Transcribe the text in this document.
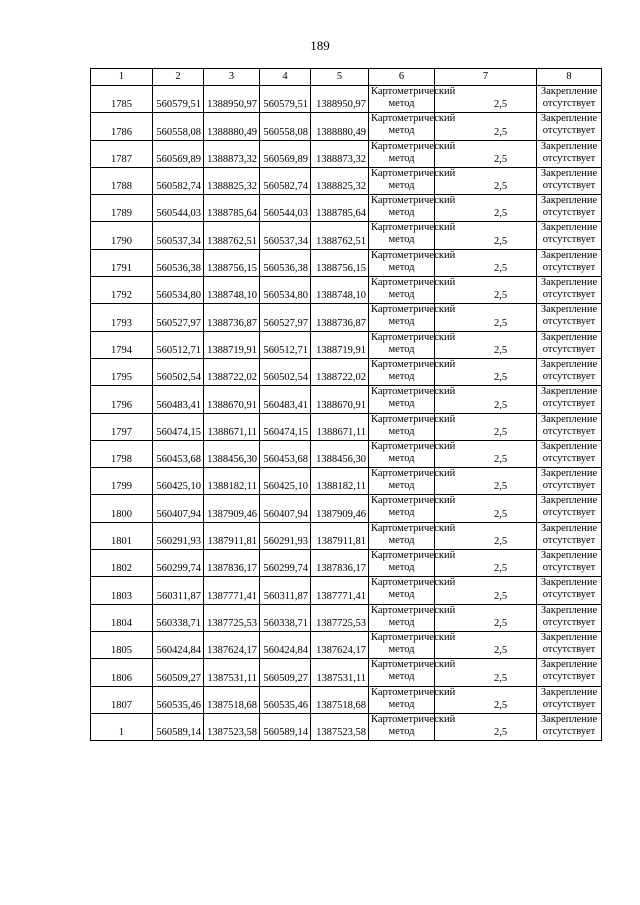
189
1	2	3	4	5	6	7	8
1785	560579,51	1388950,97	560579,51	1388950,97	Картометрический
метод	2,5	Закрепление
отсутствует

1786	560558,08	1388880,49	560558,08	1388880,49	Картометрический
метод	2,5	Закрепление
отсутствует

1787	560569,89	1388873,32	560569,89	1388873,32	Картометрический
метод	2,5	Закрепление
отсутствует

1788	560582,74	1388825,32	560582,74	1388825,32	Картометрический
метод	2,5	Закрепление
отсутствует

1789	560544,03	1388785,64	560544,03	1388785,64	Картометрический
метод	2,5	Закрепление
отсутствует

1790	560537,34	1388762,51	560537,34	1388762,51	Картометрический
метод	2,5	Закрепление
отсутствует

1791	560536,38	1388756,15	560536,38	1388756,15	Картометрический
метод	2,5	Закрепление
отсутствует

1792	560534,80	1388748,10	560534,80	1388748,10	Картометрический
метод	2,5	Закрепление
отсутствует

1793	560527,97	1388736,87	560527,97	1388736,87	Картометрический
метод	2,5	Закрепление
отсутствует

1794	560512,71	1388719,91	560512,71	1388719,91	Картометрический
метод	2,5	Закрепление
отсутствует

1795	560502,54	1388722,02	560502,54	1388722,02	Картометрический
метод	2,5	Закрепление
отсутствует

1796	560483,41	1388670,91	560483,41	1388670,91	Картометрический
метод	2,5	Закрепление
отсутствует

1797	560474,15	1388671,11	560474,15	1388671,11	Картометрический
метод	2,5	Закрепление
отсутствует

1798	560453,68	1388456,30	560453,68	1388456,30	Картометрический
метод	2,5	Закрепление
отсутствует

1799	560425,10	1388182,11	560425,10	1388182,11	Картометрический
метод	2,5	Закрепление
отсутствует

1800	560407,94	1387909,46	560407,94	1387909,46	Картометрический
метод	2,5	Закрепление
отсутствует

1801	560291,93	1387911,81	560291,93	1387911,81	Картометрический
метод	2,5	Закрепление
отсутствует

1802	560299,74	1387836,17	560299,74	1387836,17	Картометрический
метод	2,5	Закрепление
отсутствует

1803	560311,87	1387771,41	560311,87	1387771,41	Картометрический
метод	2,5	Закрепление
отсутствует

1804	560338,71	1387725,53	560338,71	1387725,53	Картометрический
метод	2,5	Закрепление
отсутствует

1805	560424,84	1387624,17	560424,84	1387624,17	Картометрический
метод	2,5	Закрепление
отсутствует

1806	560509,27	1387531,11	560509,27	1387531,11	Картометрический
метод	2,5	Закрепление
отсутствует

1807	560535,46	1387518,68	560535,46	1387518,68	Картометрический
метод	2,5	Закрепление
отсутствует

1	560589,14	1387523,58	560589,14	1387523,58	Картометрический
метод	2,5	Закрепление
отсутствует
